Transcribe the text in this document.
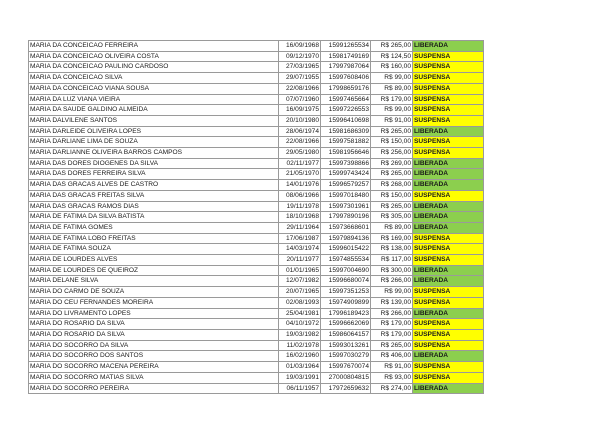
MARIA DA CONCEICAO FERREIRA	16/09/1968	15991265534	R$ 265,00	LIBERADA
MARIA DA CONCEICAO OLIVEIRA COSTA	09/12/1970	15981749169	R$ 124,50	SUSPENSA
MARIA DA CONCEICAO PAULINO CARDOSO	27/03/1965	17997987064	R$ 160,00	SUSPENSA
MARIA DA CONCEICAO SILVA	29/07/1955	15997608406	R$ 99,00	SUSPENSA
MARIA DA CONCEICAO VIANA SOUSA	22/08/1966	17998659176	R$ 89,00	SUSPENSA
MARIA DA LUZ VIANA VIEIRA	07/07/1960	15997465664	R$ 179,00	SUSPENSA
MARIA DA SAUDE GALDINO ALMEIDA	16/09/1975	15997226553	R$ 99,00	SUSPENSA
MARIA DALVILENE SANTOS	20/10/1980	15996410698	R$ 91,00	SUSPENSA
MARIA DARLEIDE OLIVEIRA LOPES	28/06/1974	15981686309	R$ 265,00	LIBERADA
MARIA DARLIANE LIMA DE SOUZA	22/08/1966	15997581882	R$ 150,00	SUSPENSA
MARIA DARLIANNE OLIVEIRA BARROS CAMPOS	29/05/1980	15981956646	R$ 256,00	SUSPENSA
MARIA DAS DORES DIOGENES DA SILVA	02/11/1977	15997398866	R$ 269,00	LIBERADA
MARIA DAS DORES FERREIRA SILVA	21/05/1970	15999743424	R$ 265,00	LIBERADA
MARIA DAS GRACAS ALVES DE CASTRO	14/01/1976	15996579257	R$ 268,00	LIBERADA
MARIA DAS GRACAS FREITAS SILVA	08/06/1966	15997018480	R$ 150,00	SUSPENSA
MARIA DAS GRACAS RAMOS DIAS	19/11/1978	15997301961	R$ 265,00	LIBERADA
MARIA DE FATIMA DA SILVA BATISTA	18/10/1968	17997890196	R$ 305,00	LIBERADA
MARIA DE FATIMA GOMES	29/11/1964	15973668601	R$ 89,00	LIBERADA
MARIA DE FATIMA LOBO FREITAS	17/06/1987	15979894136	R$ 169,00	SUSPENSA
MARIA DE FATIMA SOUZA	14/03/1974	15996015422	R$ 138,00	SUSPENSA
MARIA DE LOURDES ALVES	20/11/1977	15974855534	R$ 117,00	SUSPENSA
MARIA DE LOURDES DE QUEIROZ	01/01/1965	15997004690	R$ 300,00	LIBERADA
MARIA DELANE SILVA	12/07/1982	15996680074	R$ 266,00	LIBERADA
MARIA DO CARMO DE SOUZA	20/07/1965	15997351253	R$ 99,00	SUSPENSA
MARIA DO CEU FERNANDES MOREIRA	02/08/1993	15974909899	R$ 139,00	SUSPENSA
MARIA DO LIVRAMENTO LOPES	25/04/1981	17996189423	R$ 266,00	LIBERADA
MARIA DO ROSARIO DA SILVA	04/10/1972	15996662069	R$ 179,00	SUSPENSA
MARIA DO ROSARIO DA SILVA	19/03/1982	15986064157	R$ 179,00	SUSPENSA
MARIA DO SOCORRO DA SILVA	11/02/1978	15993013261	R$ 265,00	SUSPENSA
MARIA DO SOCORRO DOS SANTOS	16/02/1960	15997030279	R$ 406,00	LIBERADA
MARIA DO SOCORRO MACENA PEREIRA	01/03/1964	15997670074	R$ 91,00	SUSPENSA
MARIA DO SOCORRO MATIAS SILVA	19/03/1991	27000804815	R$ 93,00	SUSPENSA
MARIA DO SOCORRO PEREIRA	06/11/1957	17972659632	R$ 274,00	LIBERADA
